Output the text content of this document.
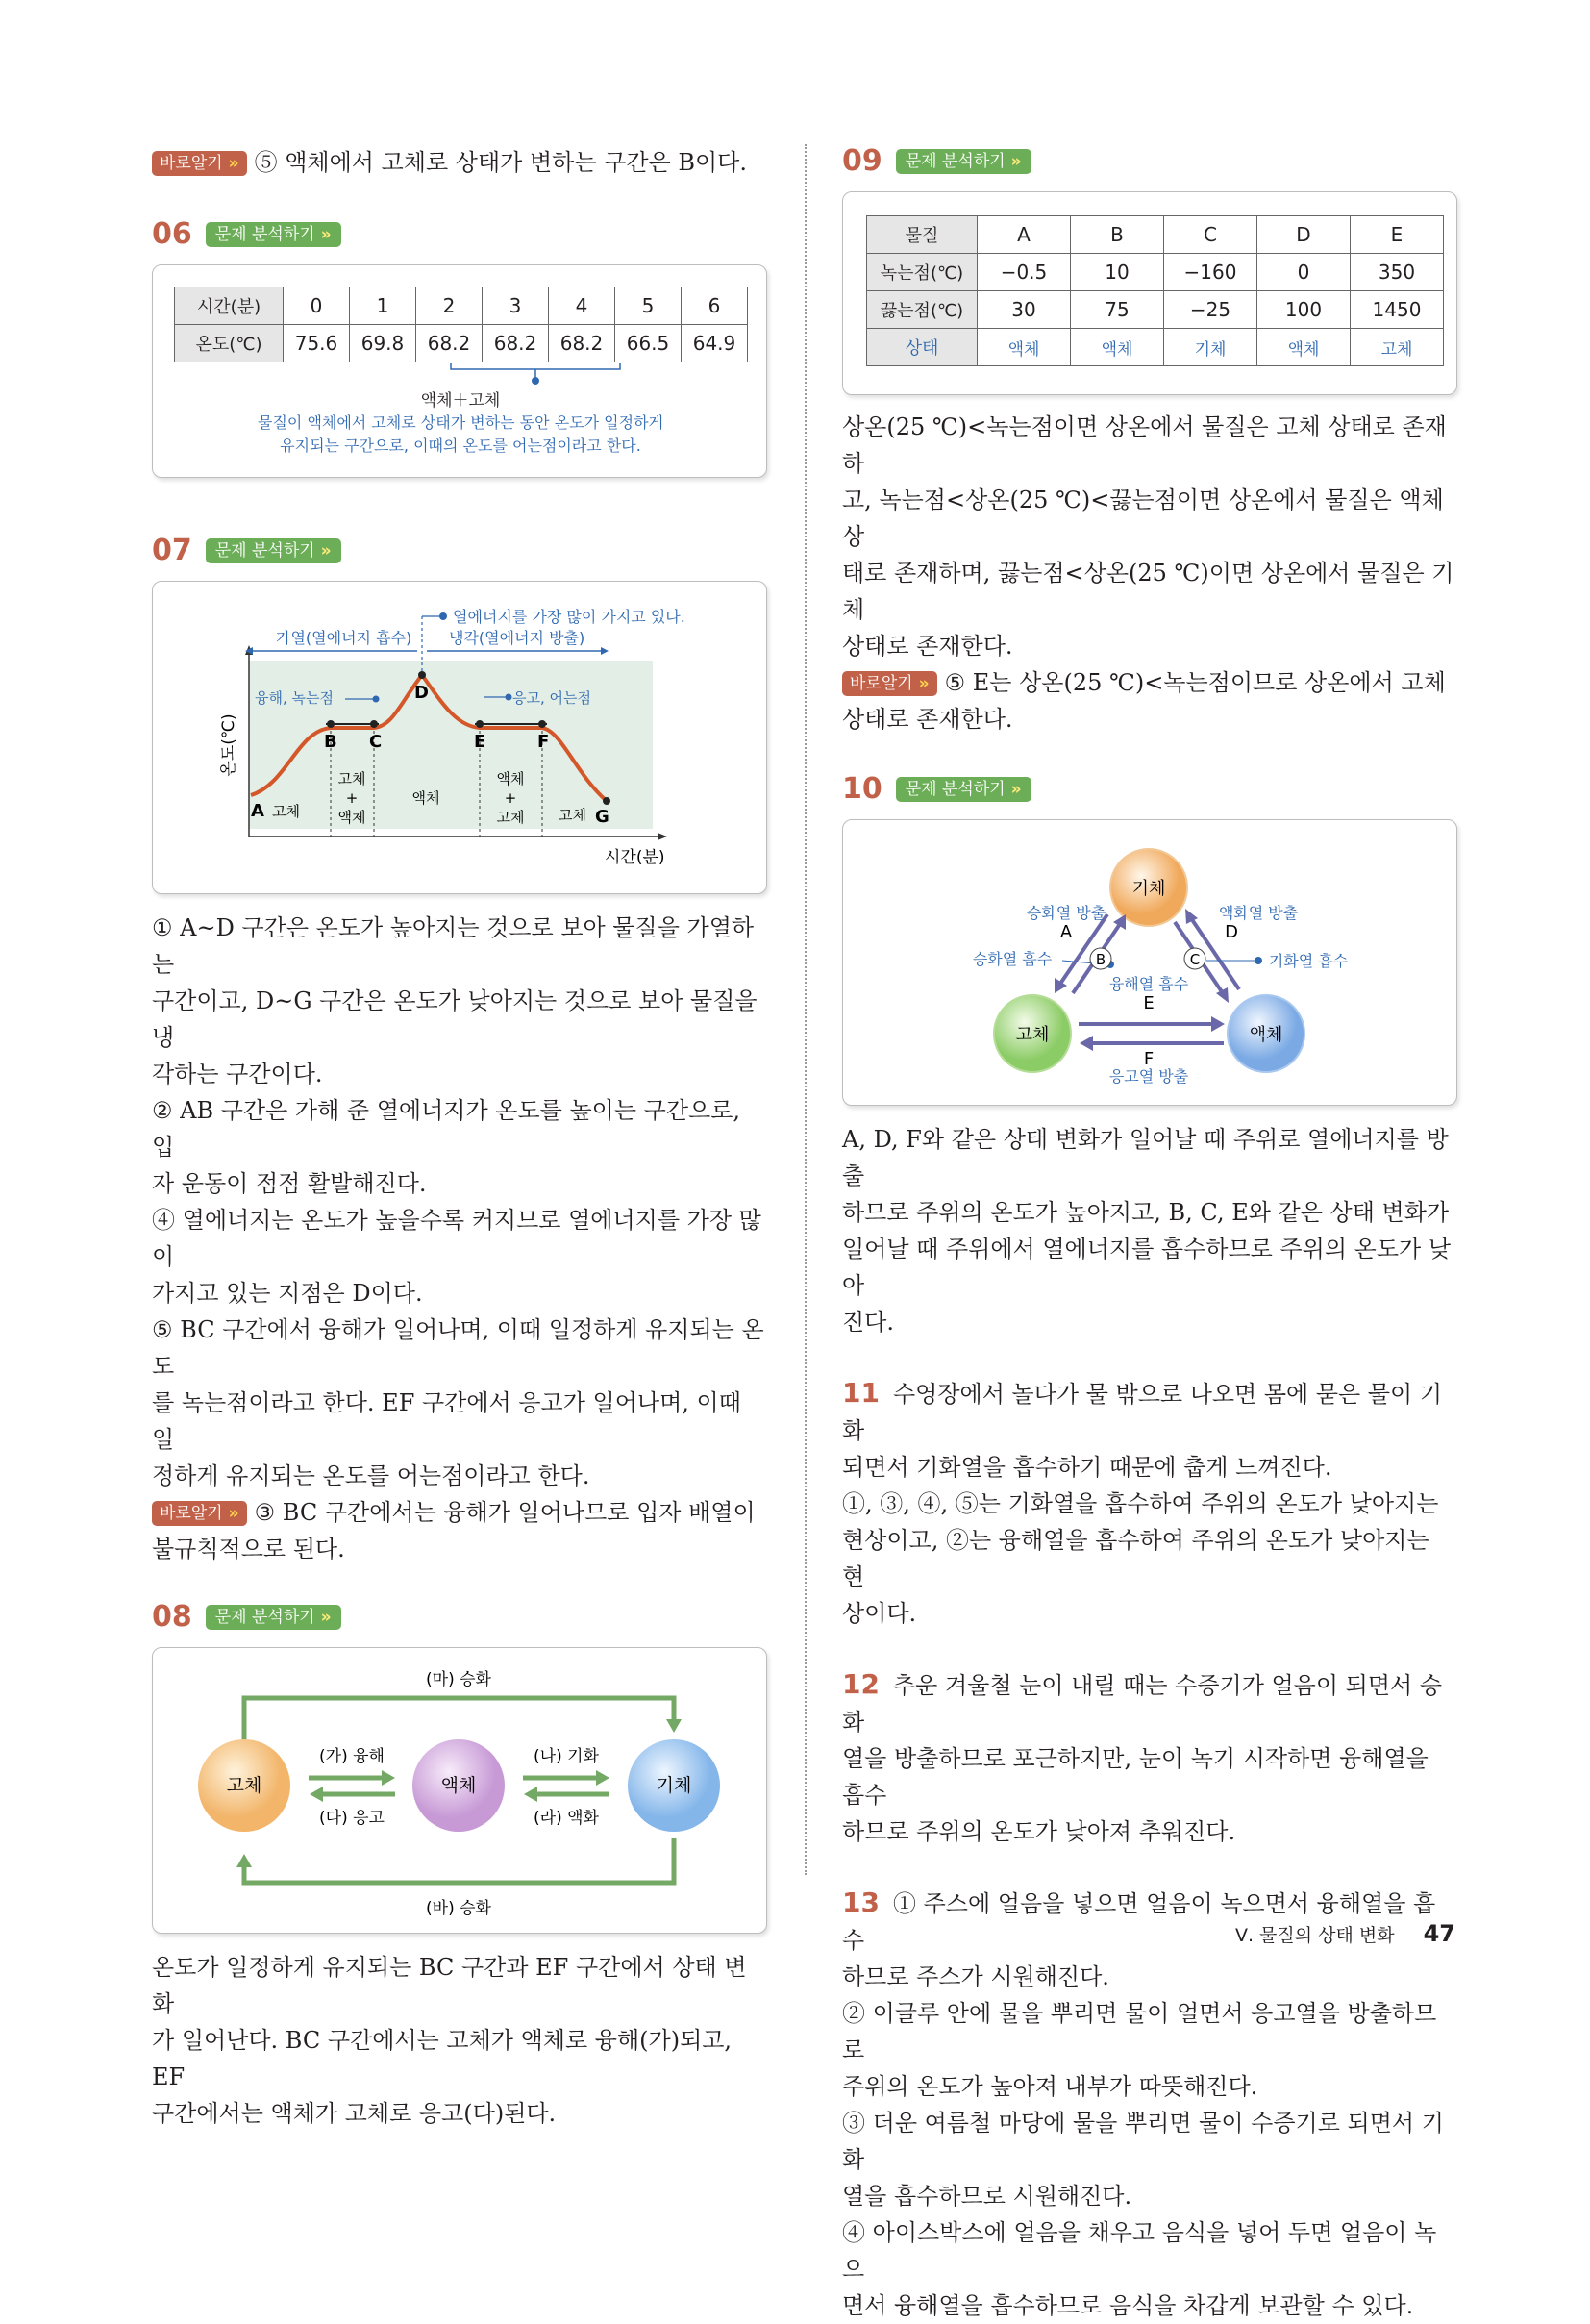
바로알기 » ⑤ 액체에서 고체로 상태가 변하는 구간은 B이다.

06	문제 분석하기 »
시간(분)	0	1	2	3	4	5	6
온도(℃)	75.6	69.8	68.2	68.2	68.2	66.5	64.9
액체＋고체
물질이 액체에서 고체로 상태가 변하는 동안 온도가 일정하게
유지되는 구간으로, 이때의 온도를 어는점이라고 한다.
07	문제 분석하기 »
온도(℃)
시간(분)
A
B C
D
E	F
G
고체
고체
+
액체
액체
액체
+
고체 고체
열에너지를 가장 많이 가지고 있다.
가열(열에너지 흡수) 냉각(열에너지 방출)
융해, 녹는점	응고, 어는점

① A~D 구간은 온도가 높아지는 것으로 보아 물질을 가열하는

구간이고, D~G 구간은 온도가 낮아지는 것으로 보아 물질을 냉

각하는 구간이다.

② AB 구간은 가해 준 열에너지가 온도를 높이는 구간으로, 입

자 운동이 점점 활발해진다.

④ 열에너지는 온도가 높을수록 커지므로 열에너지를 가장 많이

가지고 있는 지점은 D이다.

⑤ BC 구간에서 융해가 일어나며, 이때 일정하게 유지되는 온도

를 녹는점이라고 한다. EF 구간에서 응고가 일어나며, 이때 일

정하게 유지되는 온도를 어는점이라고 한다.

바로알기 » ③ BC 구간에서는 융해가 일어나므로 입자 배열이

불규칙적으로 된다.

08	문제 분석하기 »
(마) 승화
(바) 승화
고체	액체	기체
(가) 융해
(다) 응고
(나) 기화
(라) 액화

온도가 일정하게 유지되는 BC 구간과 EF 구간에서 상태 변화

가 일어난다. BC 구간에서는 고체가 액체로 융해(가)되고, EF

구간에서는 액체가 고체로 응고(다)된다.

09	문제 분석하기 »
물질	A	B	C	D	E
녹는점(℃)	−0.5	10	−160	0	350
끓는점(℃)	30	75	−25	100	1450
상태	액체	액체	기체	액체	고체

상온(25 ℃)<녹는점이면 상온에서 물질은 고체 상태로 존재하

고, 녹는점<상온(25 ℃)<끓는점이면 상온에서 물질은 액체 상

태로 존재하며, 끓는점<상온(25 ℃)이면 상온에서 물질은 기체

상태로 존재한다.

바로알기 » ⑤ E는 상온(25 ℃)<녹는점이므로 상온에서 고체

상태로 존재한다.

10	문제 분석하기 »
기체
고체	액체
승화열 방출
A
승화열 흡수	B
액화열 방출
D
C	기화열 흡수
융해열 흡수
E
F
응고열 방출

A, D, F와 같은 상태 변화가 일어날 때 주위로 열에너지를 방출

하므로 주위의 온도가 높아지고, B, C, E와 같은 상태 변화가

일어날 때 주위에서 열에너지를 흡수하므로 주위의 온도가 낮아

진다.

11 수영장에서 놀다가 물 밖으로 나오면 몸에 묻은 물이 기화

되면서 기화열을 흡수하기 때문에 춥게 느껴진다.

①, ③, ④, ⑤는 기화열을 흡수하여 주위의 온도가 낮아지는

현상이고, ②는 융해열을 흡수하여 주위의 온도가 낮아지는 현

상이다.

12 추운 겨울철 눈이 내릴 때는 수증기가 얼음이 되면서 승화

열을 방출하므로 포근하지만, 눈이 녹기 시작하면 융해열을 흡수

하므로 주위의 온도가 낮아져 추워진다.

13 ① 주스에 얼음을 넣으면 얼음이 녹으면서 융해열을 흡수

하므로 주스가 시원해진다.

② 이글루 안에 물을 뿌리면 물이 얼면서 응고열을 방출하므로

주위의 온도가 높아져 내부가 따뜻해진다.

③ 더운 여름철 마당에 물을 뿌리면 물이 수증기로 되면서 기화

열을 흡수하므로 시원해진다.

④ 아이스박스에 얼음을 채우고 음식을 넣어 두면 얼음이 녹으

면서 융해열을 흡수하므로 음식을 차갑게 보관할 수 있다.

Ⅴ. 물질의 상태 변화 47
